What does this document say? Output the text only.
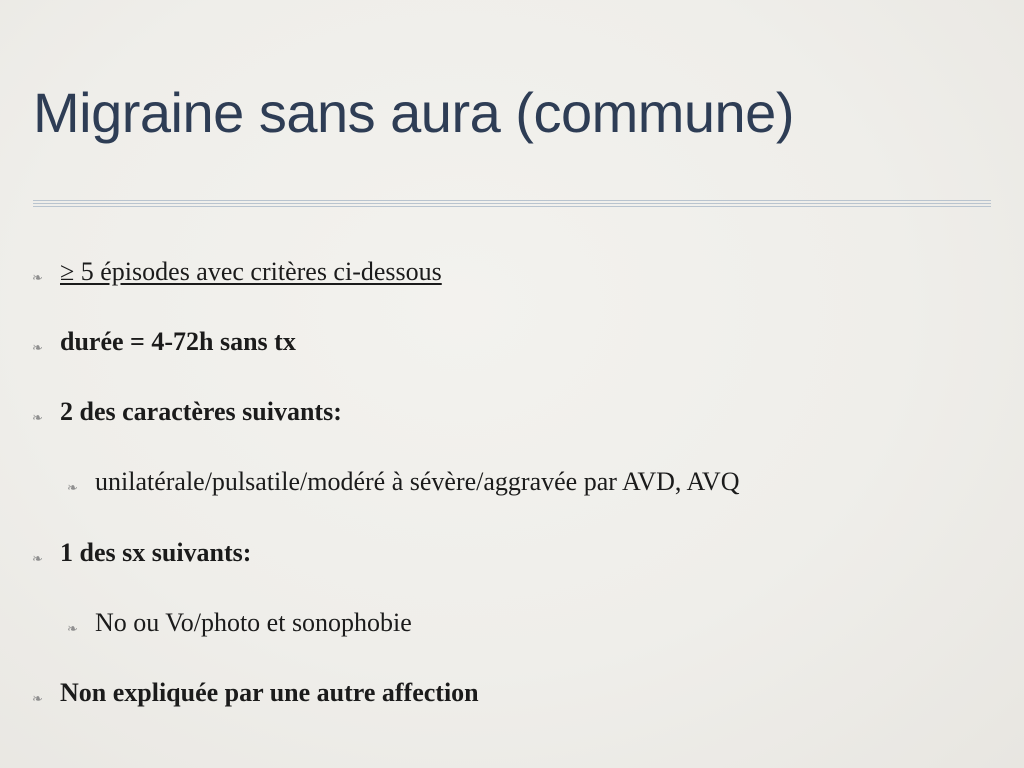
Migraine sans aura (commune)
❧ ≥ 5 épisodes avec critères ci-dessous
❧ durée = 4-72h sans tx
❧ 2 des caractères suivants:
❧ unilatérale/pulsatile/modéré à sévère/aggravée par AVD, AVQ
❧ 1 des sx suivants:
❧ No ou Vo/photo et sonophobie
❧ Non expliquée par une autre affection
